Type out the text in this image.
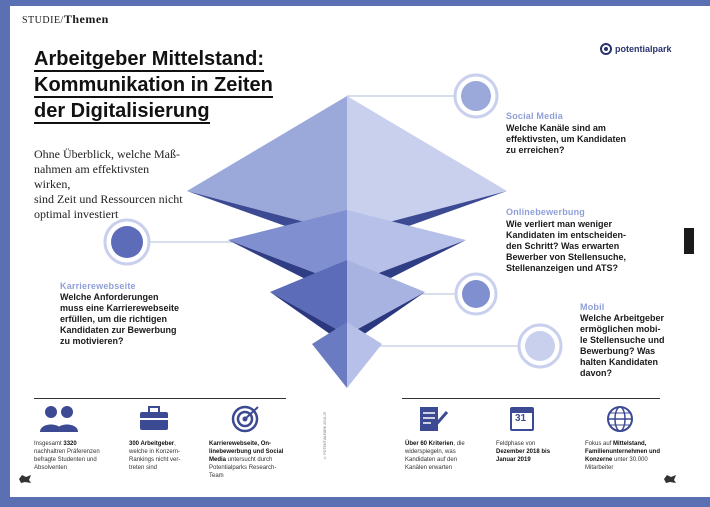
STUDIE/Themen
Arbeitgeber Mittelstand:
Kommunikation in Zeiten
der Digitalisierung
Ohne Überblick, welche Maß-
nahmen am effektivsten wirken,
sind Zeit und Ressourcen nicht
optimal investiert
potentialpark
Social Media
Welche Kanäle sind am
effektivsten, um Kandidaten
zu erreichen?
Onlinebewerbung
Wie verliert man weniger
Kandidaten im entscheiden-
den Schritt? Was erwarten
Bewerber von Stellensuche,
Stellenanzeigen und ATS?
Karrierewebseite
Welche Anforderungen
muss eine Karrierewebseite
erfüllen, um die richtigen
Kandidaten zur Bewerbung
zu motivieren?
Mobil
Welche Arbeitgeber
ermöglichen mobi-
le Stellensuche und
Bewerbung? Was
halten Kandidaten
davon?
© POTENTIALPARK 2018-19	31
Insgesamt 3320 nachhaltren Präferenzen befragte Studenten und Absolventen
300 Arbeitgeber, welche in Konzern-Rankings nicht ver-treten sind
Karrierewebseite, On-linebewerbung und Social Media untersucht durch Potentialparks Research-Team
Über 60 Kriterien, die widerspiegeln, was Kandidaten auf den Kanälen erwarten
Feldphase von Dezember 2018 bis Januar 2019
Fokus auf Mittelstand, Familienunternehmen und Konzerne unter 30.000 Mitarbeiter
